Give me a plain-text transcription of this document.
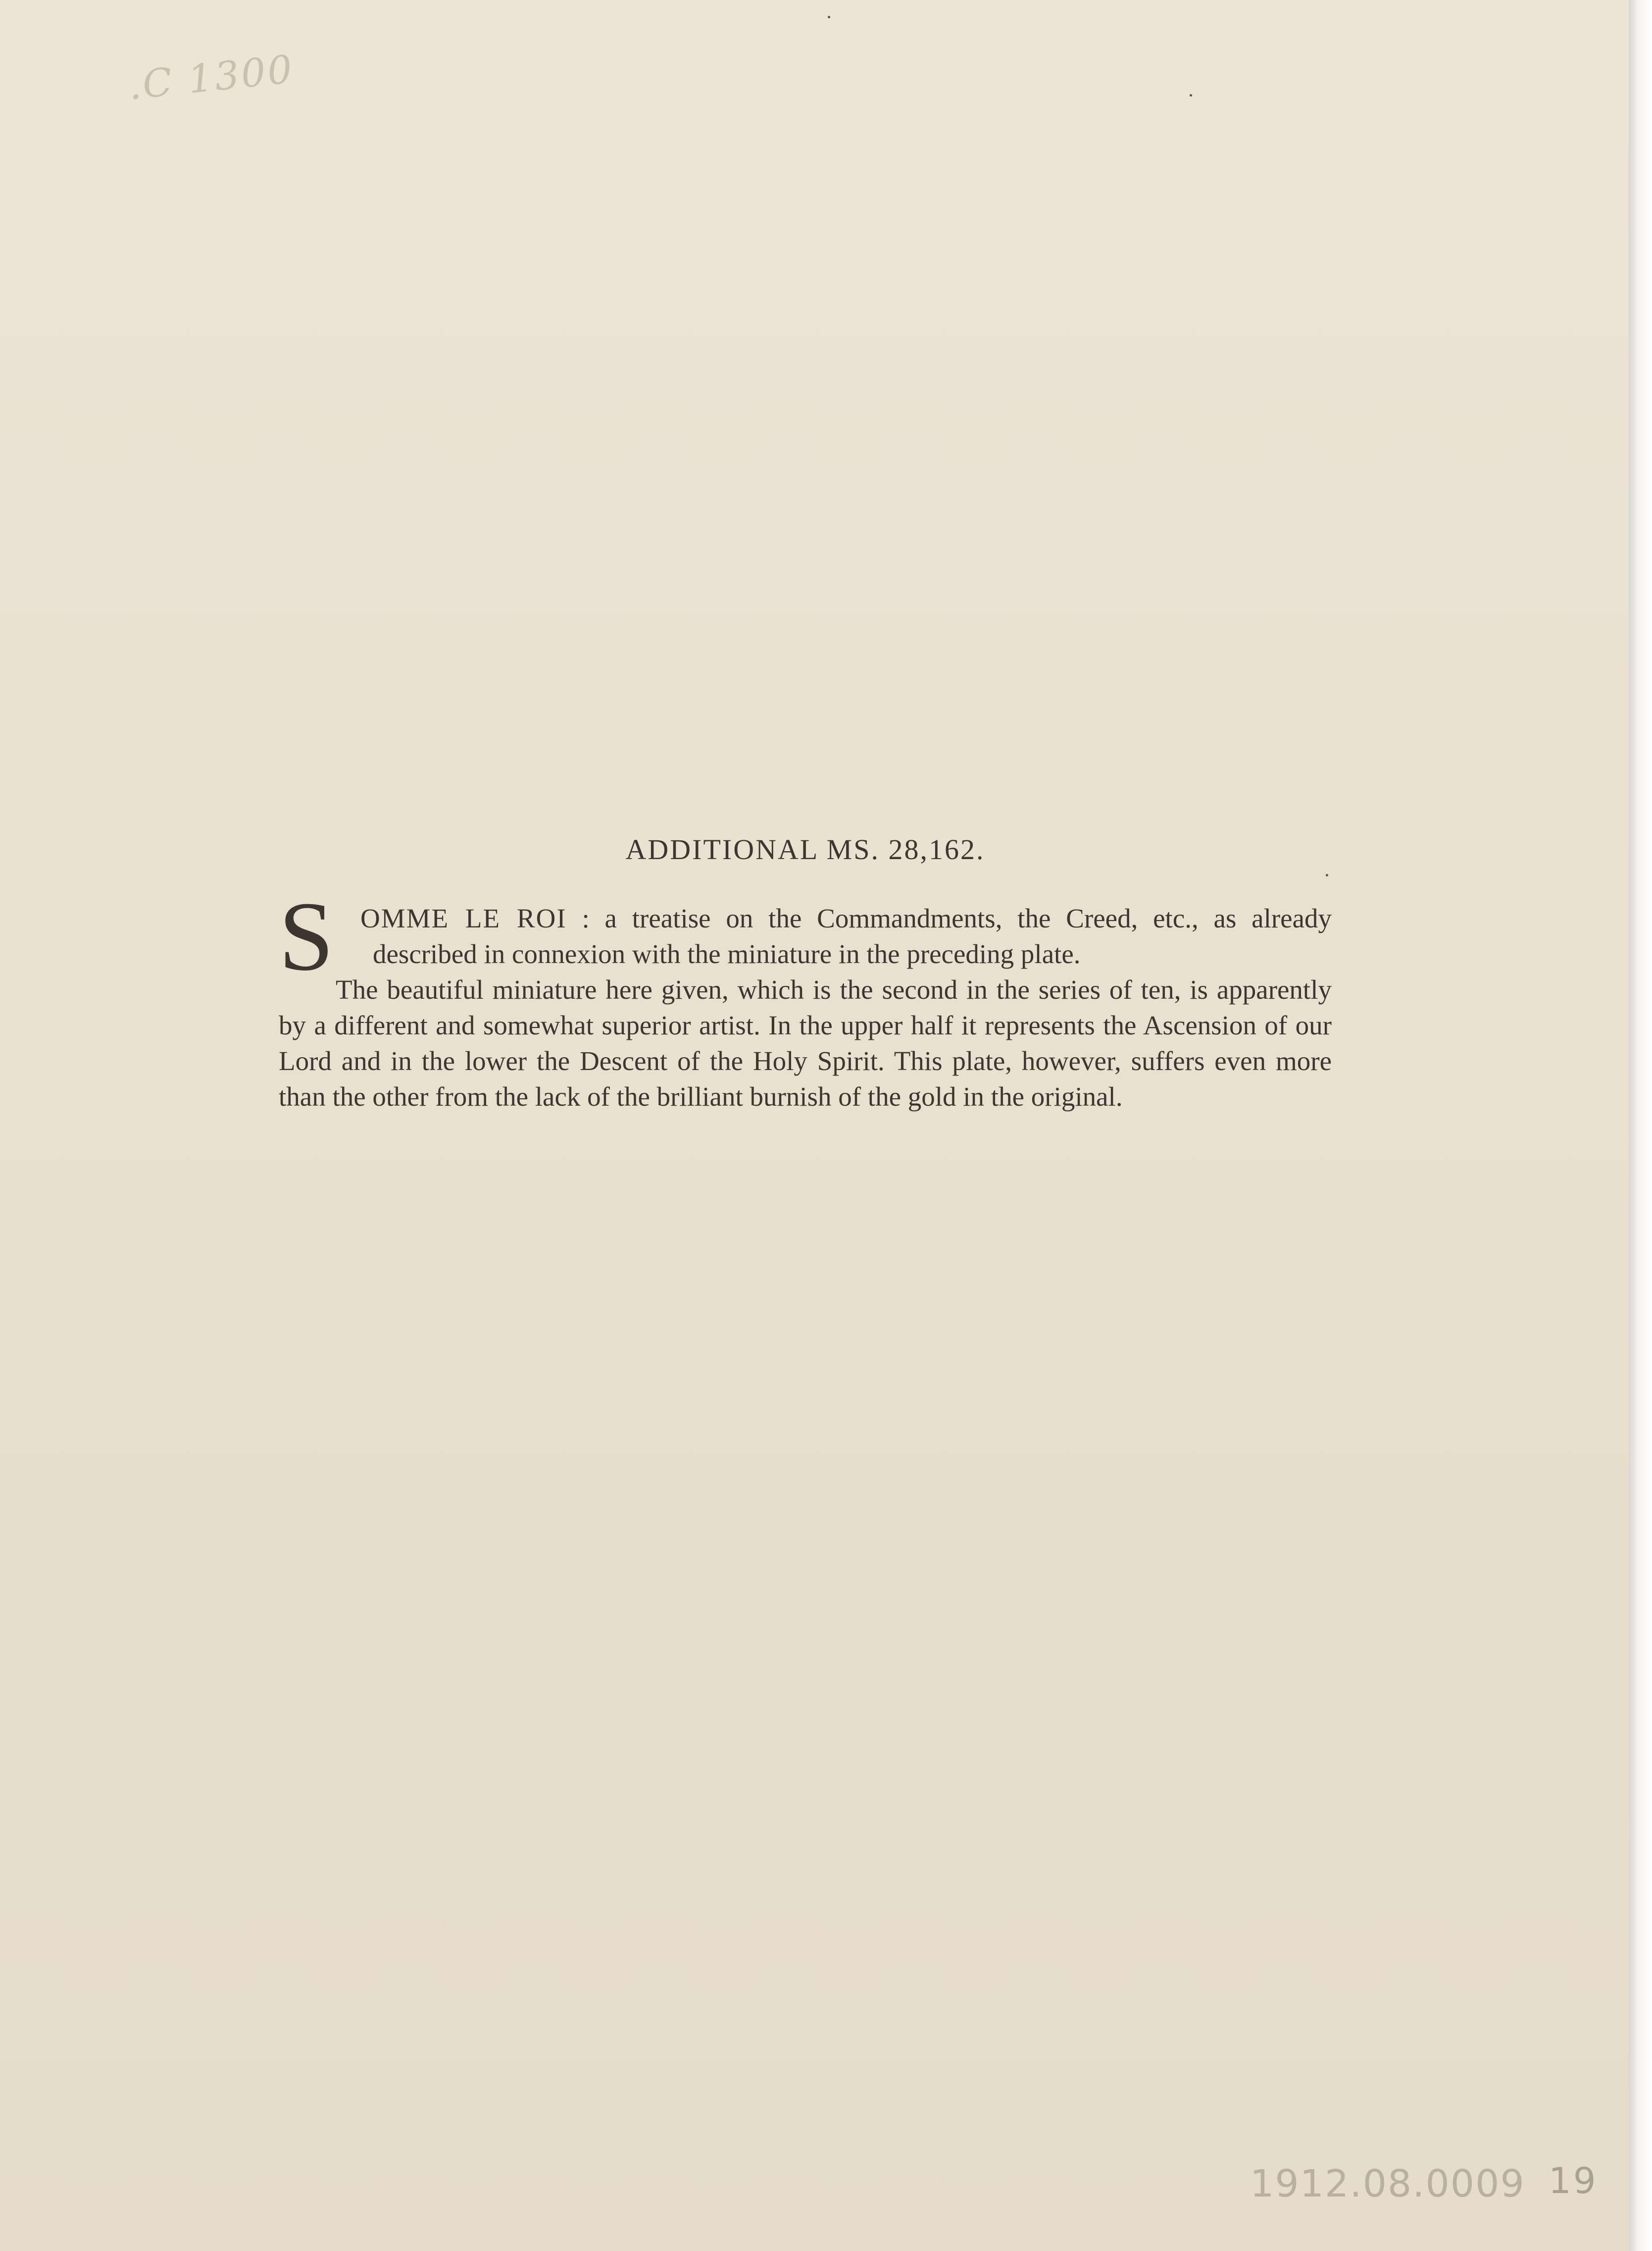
.C 1300
ADDITIONAL MS. 28,162.

S OMME LE ROI : a treatise on the Commandments, the Creed, etc., as already
described in connexion with the miniature in the preceding plate.

The beautiful miniature here given, which is the second in the series of ten, is apparently by a different and somewhat superior artist. In the upper half it represents the Ascension of our Lord and in the lower the Descent of the Holy Spirit. This plate, however, suffers even more than the other from the lack of the brilliant burnish of the gold in the original.

1912.08.0009 19
